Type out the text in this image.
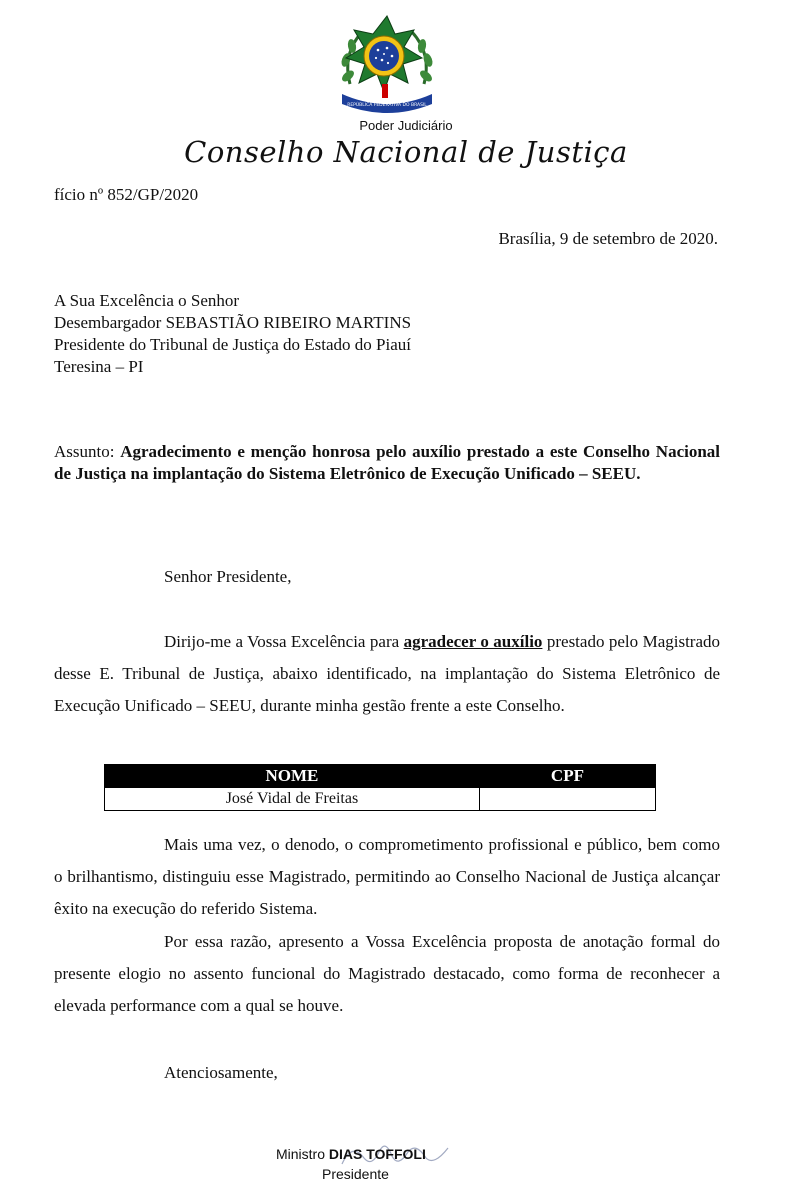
REPÚBLICA FEDERATIVA DO BRASIL
Poder Judiciário
Conselho Nacional de Justiça
fício nº 852/GP/2020
Brasília, 9 de setembro de 2020.
A Sua Excelência o Senhor
Desembargador SEBASTIÃO RIBEIRO MARTINS
Presidente do Tribunal de Justiça do Estado do Piauí
Teresina – PI
Assunto: Agradecimento e menção honrosa pelo auxílio prestado a este Conselho Nacional de Justiça na implantação do Sistema Eletrônico de Execução Unificado – SEEU.
Senhor Presidente,
Dirijo-me a Vossa Excelência para agradecer o auxílio prestado pelo Magistrado desse E. Tribunal de Justiça, abaixo identificado, na implantação do Sistema Eletrônico de Execução Unificado – SEEU, durante minha gestão frente a este Conselho.
NOME	CPF
José Vidal de Freitas	
Mais uma vez, o denodo, o comprometimento profissional e público, bem como o brilhantismo, distinguiu esse Magistrado, permitindo ao Conselho Nacional de Justiça alcançar êxito na execução do referido Sistema.
Por essa razão, apresento a Vossa Excelência proposta de anotação formal do presente elogio no assento funcional do Magistrado destacado, como forma de reconhecer a elevada performance com a qual se houve.
Atenciosamente,
Ministro DIAS TOFFOLI
Presidente
